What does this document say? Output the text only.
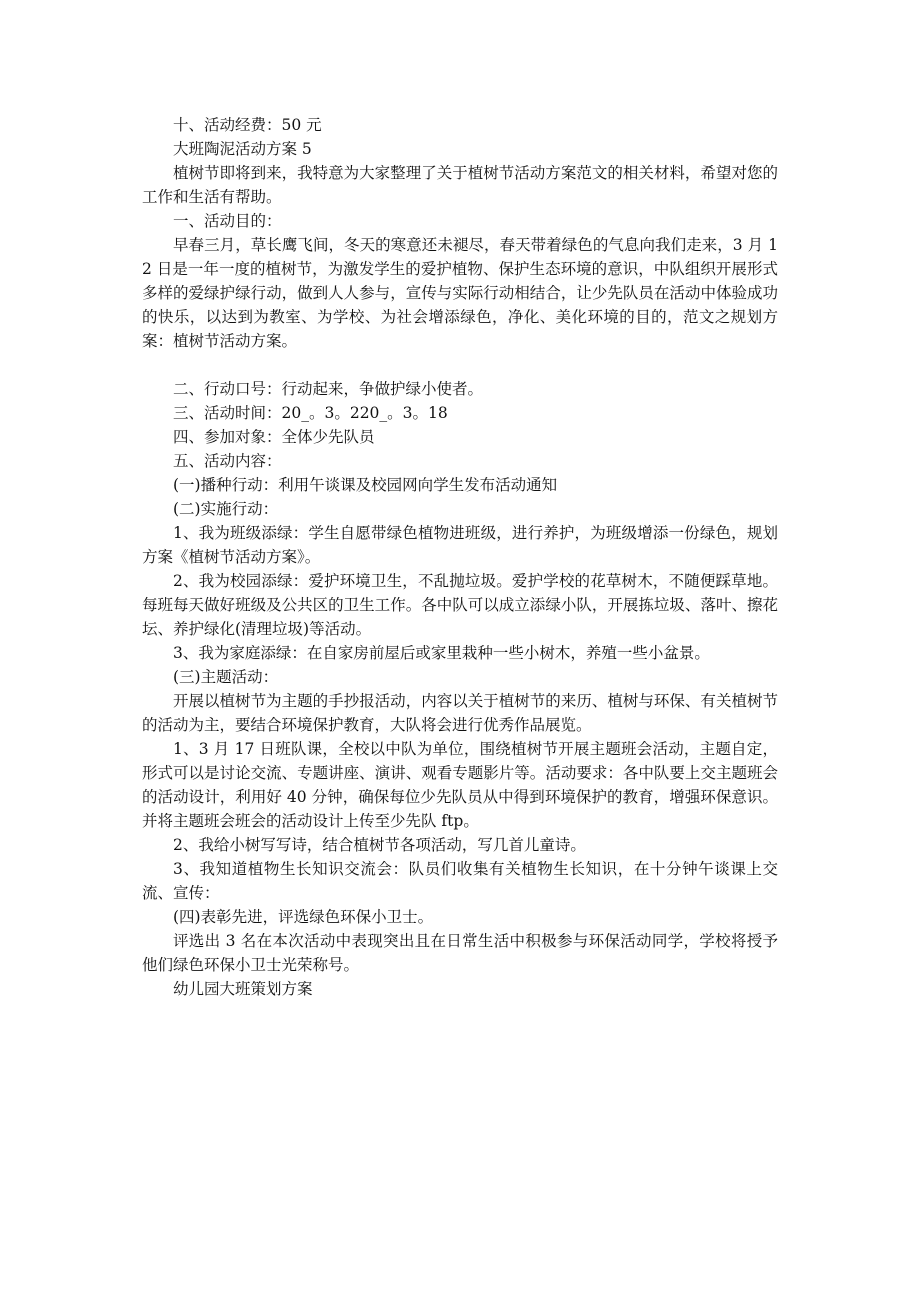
十、活动经费：50 元

大班陶泥活动方案 5

植树节即将到来，我特意为大家整理了关于植树节活动方案范文的相关材料，希望对您的工作和生活有帮助。

一、活动目的：

早春三月，草长鹰飞间，冬天的寒意还未褪尽，春天带着绿色的气息向我们走来，3 月 12 日是一年一度的植树节，为激发学生的爱护植物、保护生态环境的意识，中队组织开展形式多样的爱绿护绿行动，做到人人参与，宣传与实际行动相结合，让少先队员在活动中体验成功的快乐，以达到为教室、为学校、为社会增添绿色，净化、美化环境的目的，范文之规划方案：植树节活动方案。

二、行动口号：行动起来，争做护绿小使者。

三、活动时间：20_。3。220_。3。18

四、参加对象：全体少先队员

五、活动内容：

(一)播种行动：利用午谈课及校园网向学生发布活动通知

(二)实施行动：

1、我为班级添绿：学生自愿带绿色植物进班级，进行养护，为班级增添一份绿色，规划方案《植树节活动方案》。

2、我为校园添绿：爱护环境卫生，不乱抛垃圾。爱护学校的花草树木，不随便踩草地。每班每天做好班级及公共区的卫生工作。各中队可以成立添绿小队，开展拣垃圾、落叶、擦花坛、养护绿化(清理垃圾)等活动。

3、我为家庭添绿：在自家房前屋后或家里栽种一些小树木，养殖一些小盆景。

(三)主题活动：

开展以植树节为主题的手抄报活动，内容以关于植树节的来历、植树与环保、有关植树节的活动为主，要结合环境保护教育，大队将会进行优秀作品展览。

1、3 月 17 日班队课，全校以中队为单位，围绕植树节开展主题班会活动，主题自定，形式可以是讨论交流、专题讲座、演讲、观看专题影片等。活动要求：各中队要上交主题班会的活动设计，利用好 40 分钟，确保每位少先队员从中得到环境保护的教育，增强环保意识。并将主题班会班会的活动设计上传至少先队 ftp。

2、我给小树写写诗，结合植树节各项活动，写几首儿童诗。

3、我知道植物生长知识交流会：队员们收集有关植物生长知识，在十分钟午谈课上交流、宣传：

(四)表彰先进，评选绿色环保小卫士。

评选出 3 名在本次活动中表现突出且在日常生活中积极参与环保活动同学，学校将授予他们绿色环保小卫士光荣称号。

幼儿园大班策划方案
